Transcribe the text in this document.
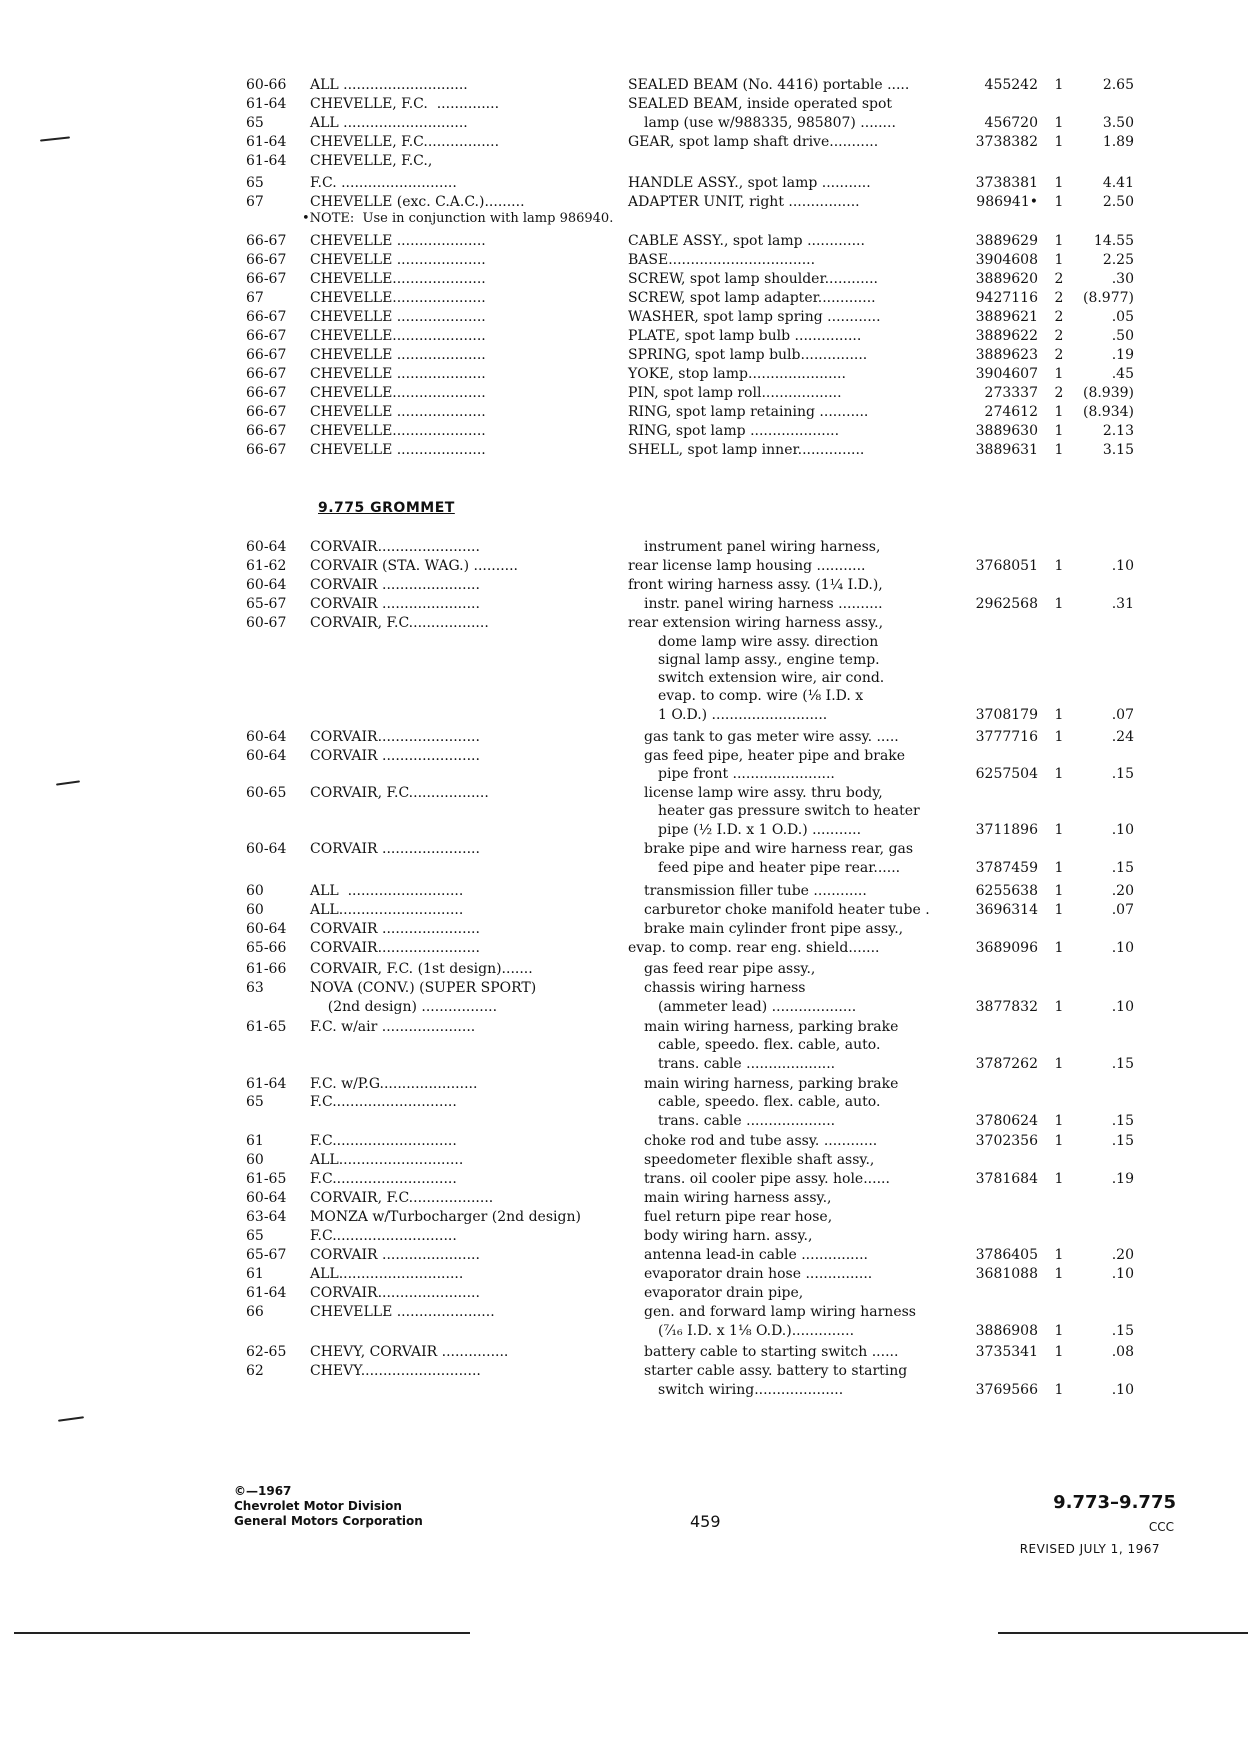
60-66 ALL ............................	SEALED BEAM (No. 4416) portable .....	455242	1	2.65
61-64 CHEVELLE, F.C.  ..............	SEALED BEAM, inside operated spot
65	ALL ............................	lamp (use w/988335, 985807) ........	456720	1	3.50
61-64 CHEVELLE, F.C.................	GEAR, spot lamp shaft drive...........	3738382	1	1.89
61-64 CHEVELLE, F.C.,
65	F.C. ..........................	HANDLE ASSY., spot lamp ...........	3738381	1	4.41
67	CHEVELLE (exc. C.A.C.).........	ADAPTER UNIT, right ................	986941•	1	2.50
66-67 CHEVELLE ....................	CABLE ASSY., spot lamp .............	3889629	1	14.55
66-67 CHEVELLE ....................	BASE.................................	3904608	1	2.25
66-67 CHEVELLE.....................	SCREW, spot lamp shoulder............	3889620	2	.30
67	CHEVELLE.....................	SCREW, spot lamp adapter.............	9427116	2	(8.977)
66-67 CHEVELLE ....................	WASHER, spot lamp spring ............	3889621	2	.05
66-67 CHEVELLE.....................	PLATE, spot lamp bulb ...............	3889622	2	.50
66-67 CHEVELLE ....................	SPRING, spot lamp bulb...............	3889623	2	.19
66-67 CHEVELLE ....................	YOKE, stop lamp......................	3904607	1	.45
66-67 CHEVELLE.....................	PIN, spot lamp roll..................	273337	2	(8.939)
66-67 CHEVELLE ....................	RING, spot lamp retaining ...........	274612	1	(8.934)
66-67 CHEVELLE.....................	RING, spot lamp ....................	3889630	1	2.13
66-67 CHEVELLE ....................	SHELL, spot lamp inner...............	3889631	1	3.15
•NOTE:  Use in conjunction with lamp 986940.
9.775 GROMMET
60-64 CORVAIR.......................	instrument panel wiring harness,
61-62 CORVAIR (STA. WAG.) ..........	rear license lamp housing ...........	3768051	1	.10
60-64 CORVAIR ......................	front wiring harness assy. (1¼ I.D.),
65-67 CORVAIR ......................	instr. panel wiring harness ..........	2962568	1	.31
60-67 CORVAIR, F.C..................	rear extension wiring harness assy.,
dome lamp wire assy. direction
signal lamp assy., engine temp.
switch extension wire, air cond.
evap. to comp. wire (⅛ I.D. x
1 O.D.) ..........................	3708179	1	.07
60-64 CORVAIR.......................	gas tank to gas meter wire assy. .....	3777716	1	.24
60-64 CORVAIR ......................	gas feed pipe, heater pipe and brake
pipe front .......................	6257504	1	.15
60-65 CORVAIR, F.C..................	license lamp wire assy. thru body,
heater gas pressure switch to heater
pipe (½ I.D. x 1 O.D.) ...........	3711896	1	.10
60-64 CORVAIR ......................	brake pipe and wire harness rear, gas
feed pipe and heater pipe rear......	3787459	1	.15
60	ALL  ..........................	transmission filler tube ............	6255638	1	.20
60	ALL............................	carburetor choke manifold heater tube .	3696314	1	.07
60-64 CORVAIR ......................	brake main cylinder front pipe assy.,
65-66 CORVAIR.......................	evap. to comp. rear eng. shield.......	3689096	1	.10
61-66 CORVAIR, F.C. (1st design).......	gas feed rear pipe assy.,
63	NOVA (CONV.) (SUPER SPORT)	chassis wiring harness
(2nd design) .................	(ammeter lead) ...................	3877832	1	.10
61-65 F.C. w/air .....................	main wiring harness, parking brake
cable, speedo. flex. cable, auto.
trans. cable ....................	3787262	1	.15
61-64 F.C. w/P.G......................	main wiring harness, parking brake
65	F.C............................	cable, speedo. flex. cable, auto.
trans. cable ....................	3780624	1	.15
61	F.C............................	choke rod and tube assy. ............	3702356	1	.15
60	ALL............................	speedometer flexible shaft assy.,
61-65 F.C............................	trans. oil cooler pipe assy. hole......	3781684	1	.19
60-64 CORVAIR, F.C...................	main wiring harness assy.,
63-64 MONZA w/Turbocharger (2nd design)	fuel return pipe rear hose,
65	F.C............................	body wiring harn. assy.,
65-67 CORVAIR ......................	antenna lead-in cable ...............	3786405	1	.20
61	ALL............................	evaporator drain hose ...............	3681088	1	.10
61-64 CORVAIR.......................	evaporator drain pipe,
66	CHEVELLE ......................	gen. and forward lamp wiring harness
(⁷⁄₁₆ I.D. x 1⅛ O.D.)..............	3886908	1	.15
62-65 CHEVY, CORVAIR ...............	battery cable to starting switch ......	3735341	1	.08
62	CHEVY...........................	starter cable assy. battery to starting
switch wiring....................	3769566	1	.10
©—1967
Chevrolet Motor Division
General Motors Corporation	459
9.773–9.775
CCC
REVISED JULY 1, 1967
